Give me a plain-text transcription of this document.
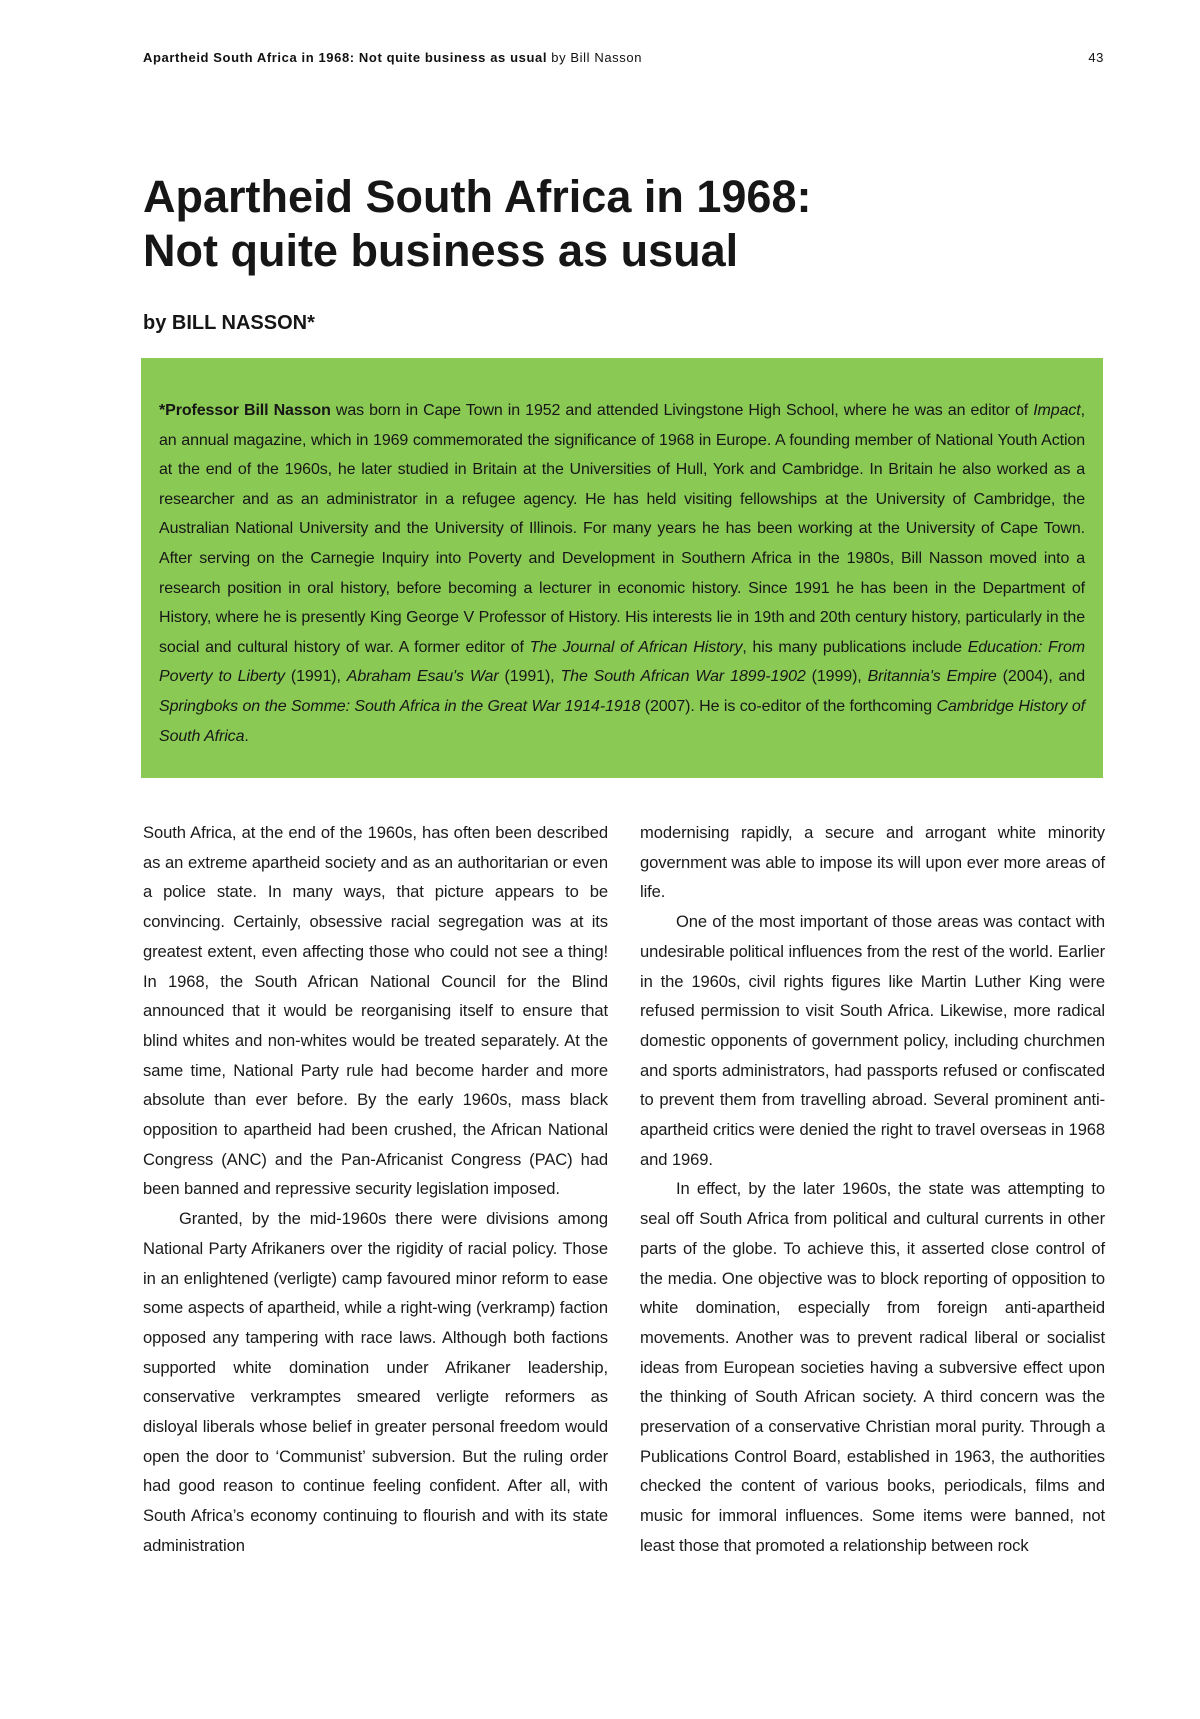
Apartheid South Africa in 1968: Not quite business as usual by Bill Nasson	43
Apartheid South Africa in 1968:
Not quite business as usual
by BILL NASSON*

*Professor Bill Nasson was born in Cape Town in 1952 and attended Livingstone High School, where he was an editor of Impact, an annual magazine, which in 1969 commemorated the significance of 1968 in Europe. A founding member of National Youth Action at the end of the 1960s, he later studied in Britain at the Universities of Hull, York and Cambridge. In Britain he also worked as a researcher and as an administrator in a refugee agency. He has held visiting fellowships at the University of Cambridge, the Australian National University and the University of Illinois. For many years he has been working at the University of Cape Town. After serving on the Carnegie Inquiry into Poverty and Development in Southern Africa in the 1980s, Bill Nasson moved into a research position in oral history, before becoming a lecturer in economic history. Since 1991 he has been in the Department of History, where he is presently King George V Professor of History. His interests lie in 19th and 20th century history, particularly in the social and cultural history of war. A former editor of The Journal of African History, his many publications include Education: From Poverty to Liberty (1991), Abraham Esau's War (1991), The South African War 1899-1902 (1999), Britannia's Empire (2004), and Springboks on the Somme: South Africa in the Great War 1914-1918 (2007). He is co-editor of the forthcoming Cambridge History of South Africa.

South Africa, at the end of the 1960s, has often been described as an extreme apartheid society and as an authoritarian or even a police state. In many ways, that picture appears to be convincing. Certainly, obsessive racial segregation was at its greatest extent, even affecting those who could not see a thing! In 1968, the South African National Council for the Blind announced that it would be reorganising itself to ensure that blind whites and non-whites would be treated separately. At the same time, National Party rule had become harder and more absolute than ever before. By the early 1960s, mass black opposition to apartheid had been crushed, the African National Congress (ANC) and the Pan-Africanist Congress (PAC) had been banned and repressive security legislation imposed.

Granted, by the mid-1960s there were divisions among National Party Afrikaners over the rigidity of racial policy. Those in an enlightened (verligte) camp favoured minor reform to ease some aspects of apartheid, while a right-wing (verkramp) faction opposed any tampering with race laws. Although both factions supported white domination under Afrikaner leadership, conservative verkramptes smeared verligte reformers as disloyal liberals whose belief in greater personal freedom would open the door to ‘Communist’ subversion. But the ruling order had good reason to continue feeling confident. After all, with South Africa’s economy continuing to flourish and with its state administration

modernising rapidly, a secure and arrogant white minority government was able to impose its will upon ever more areas of life.

One of the most important of those areas was contact with undesirable political influences from the rest of the world. Earlier in the 1960s, civil rights figures like Martin Luther King were refused permission to visit South Africa. Likewise, more radical domestic opponents of government policy, including churchmen and sports administrators, had passports refused or confiscated to prevent them from travelling abroad. Several prominent anti-apartheid critics were denied the right to travel overseas in 1968 and 1969.

In effect, by the later 1960s, the state was attempting to seal off South Africa from political and cultural currents in other parts of the globe. To achieve this, it asserted close control of the media. One objective was to block reporting of opposition to white domination, especially from foreign anti-apartheid movements. Another was to prevent radical liberal or socialist ideas from European societies having a subversive effect upon the thinking of South African society. A third concern was the preservation of a conservative Christian moral purity. Through a Publications Control Board, established in 1963, the authorities checked the content of various books, periodicals, films and music for immoral influences. Some items were banned, not least those that promoted a relationship between rock
